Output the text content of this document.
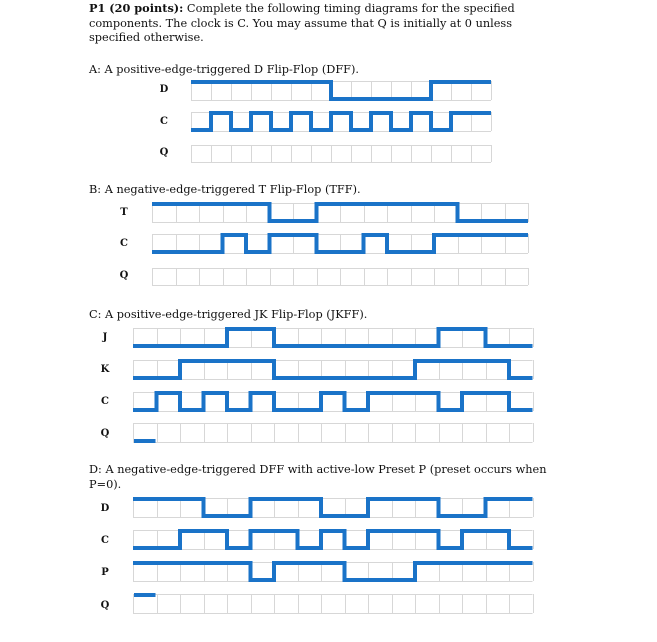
P1 (20 points): Complete the following timing diagrams for the specified components. The clock is C. You may assume that Q is initially at 0 unless specified otherwise.
A: A positive-edge-triggered D Flip-Flop (DFF).
B: A negative-edge-triggered T Flip-Flop (TFF).
C: A positive-edge-triggered JK Flip-Flop (JKFF).
D: A negative-edge-triggered DFF with active-low Preset P (preset occurs when P=0).
D
C
Q
T
C
Q
J
K
C
Q
D
C
P
Q
